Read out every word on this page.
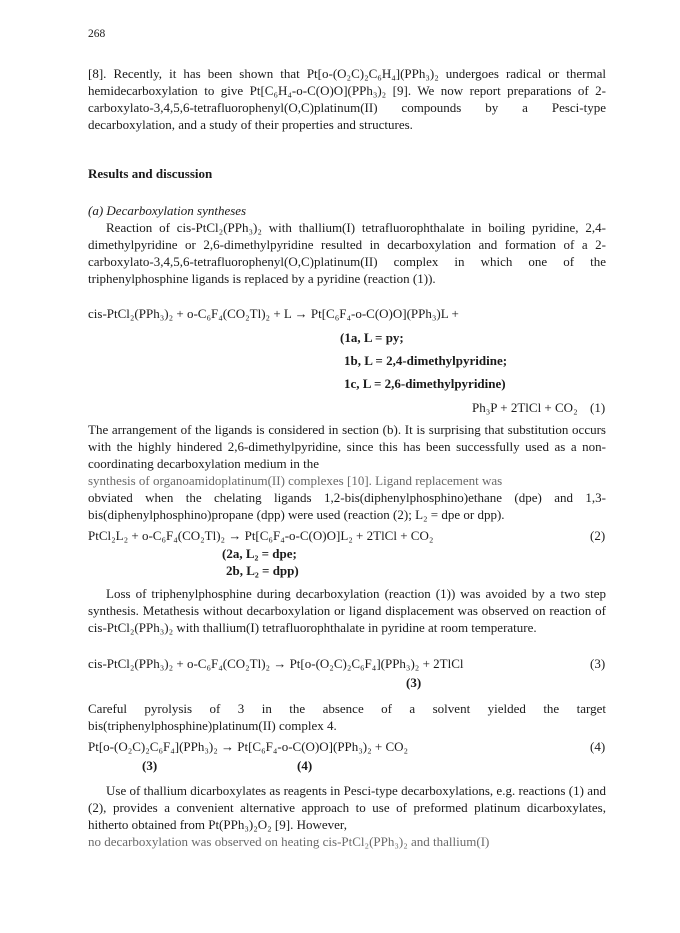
268
[8]. Recently, it has been shown that Pt[o-(O₂C)₂C₆H₄](PPh₃)₂ undergoes radical or thermal hemidecarboxylation to give Pt[C₆H₄-o-C(O)O](PPh₃)₂ [9]. We now report preparations of 2-carboxylato-3,4,5,6-tetrafluorophenyl(O,C)platinum(II) compounds by a Pesci-type decarboxylation, and a study of their properties and structures.
Results and discussion
(a) Decarboxylation syntheses
Reaction of cis-PtCl₂(PPh₃)₂ with thallium(I) tetrafluorophthalate in boiling pyridine, 2,4-dimethylpyridine or 2,6-dimethylpyridine resulted in decarboxylation and formation of a 2-carboxylato-3,4,5,6-tetrafluorophenyl(O,C)platinum(II) complex in which one of the triphenylphosphine ligands is replaced by a pyridine (reaction (1)).
cis-PtCl₂(PPh₃)₂ + o-C₆F₄(CO₂Tl)₂ + L → Pt[C₆F₄-o-C(O)O](PPh₃)L +
(1a, L = py;
1b, L = 2,4-dimethylpyridine;
1c, L = 2,6-dimethylpyridine)
Ph₃P + 2TlCl + CO₂ (1)
The arrangement of the ligands is considered in section (b). It is surprising that substitution occurs with the highly hindered 2,6-dimethylpyridine, since this has been successfully used as a non-coordinating decarboxylation medium in the
synthesis of organoamidoplatinum(II) complexes [10]. Ligand replacement was
obviated when the chelating ligands 1,2-bis(diphenylphosphino)ethane (dpe) and 1,3-bis(diphenylphosphino)propane (dpp) were used (reaction (2); L₂ = dpe or dpp).
PtCl₂L₂ + o-C₆F₄(CO₂Tl)₂ → Pt[C₆F₄-o-C(O)O]L₂ + 2TlCl + CO₂	(2)
(2a, L₂ = dpe;
2b, L₂ = dpp)
Loss of triphenylphosphine during decarboxylation (reaction (1)) was avoided by a two step synthesis. Metathesis without decarboxylation or ligand displacement was observed on reaction of cis-PtCl₂(PPh₃)₂ with thallium(I) tetrafluorophthalate in pyridine at room temperature.
cis-PtCl₂(PPh₃)₂ + o-C₆F₄(CO₂Tl)₂ → Pt[o-(O₂C)₂C₆F₄](PPh₃)₂ + 2TlCl	(3)
(3)
Careful pyrolysis of 3 in the absence of a solvent yielded the target bis(triphenylphosphine)platinum(II) complex 4.
Pt[o-(O₂C)₂C₆F₄](PPh₃)₂ → Pt[C₆F₄-o-C(O)O](PPh₃)₂ + CO₂	(4)
(3)	(4)
Use of thallium dicarboxylates as reagents in Pesci-type decarboxylations, e.g. reactions (1) and (2), provides a convenient alternative approach to use of preformed platinum dicarboxylates, hitherto obtained from Pt(PPh₃)₂O₂ [9]. However,
no decarboxylation was observed on heating cis-PtCl₂(PPh₃)₂ and thallium(I)
